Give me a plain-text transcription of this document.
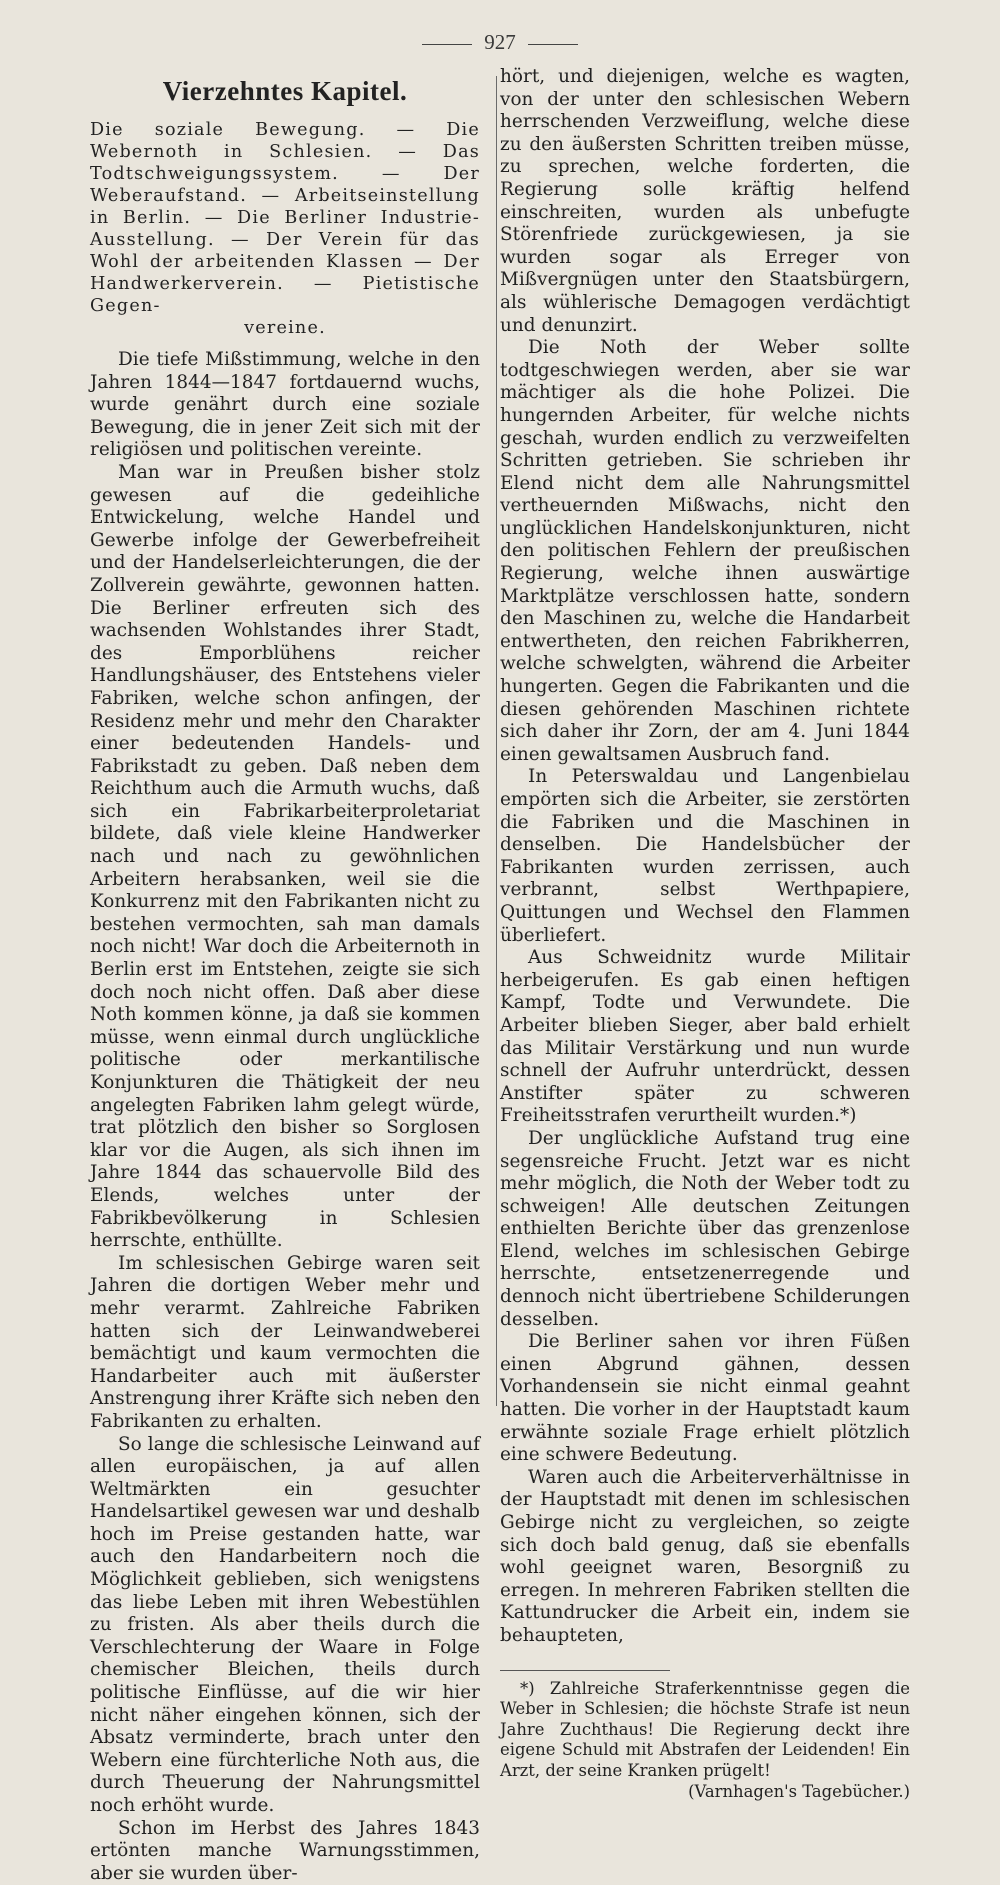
927
Vierzehntes Kapitel.
Die soziale Bewegung. — Die Webernoth in Schlesien. — Das Todtschweigungssystem. — Der Weberaufstand. — Arbeitseinstellung in Berlin. — Die Berliner Industrie-Ausstellung. — Der Verein für das Wohl der arbeitenden Klassen — Der Handwerkerverein. — Pietistische Gegen-
vereine.

Die tiefe Mißstimmung, welche in den Jahren 1844—1847 fortdauernd wuchs, wurde genährt durch eine soziale Bewegung, die in jener Zeit sich mit der religiösen und politischen vereinte.

Man war in Preußen bisher stolz gewesen auf die gedeihliche Entwickelung, welche Handel und Gewerbe infolge der Gewerbefreiheit und der Handelserleichterungen, die der Zollverein gewährte, gewonnen hatten. Die Berliner erfreuten sich des wachsenden Wohlstandes ihrer Stadt, des Emporblühens reicher Handlungshäuser, des Entstehens vieler Fabriken, welche schon anfingen, der Residenz mehr und mehr den Charakter einer bedeutenden Handels- und Fabrikstadt zu geben. Daß neben dem Reichthum auch die Armuth wuchs, daß sich ein Fabrikarbeiterproletariat bildete, daß viele kleine Handwerker nach und nach zu gewöhnlichen Arbeitern herabsanken, weil sie die Konkurrenz mit den Fabrikanten nicht zu bestehen vermochten, sah man damals noch nicht! War doch die Arbeiternoth in Berlin erst im Entstehen, zeigte sie sich doch noch nicht offen. Daß aber diese Noth kommen könne, ja daß sie kommen müsse, wenn einmal durch unglückliche politische oder merkantilische Konjunkturen die Thätigkeit der neu angelegten Fabriken lahm gelegt würde, trat plötzlich den bisher so Sorglosen klar vor die Augen, als sich ihnen im Jahre 1844 das schauervolle Bild des Elends, welches unter der Fabrikbevölkerung in Schlesien herrschte, enthüllte.

Im schlesischen Gebirge waren seit Jahren die dortigen Weber mehr und mehr verarmt. Zahlreiche Fabriken hatten sich der Leinwandweberei bemächtigt und kaum vermochten die Handarbeiter auch mit äußerster Anstrengung ihrer Kräfte sich neben den Fabrikanten zu erhalten.

So lange die schlesische Leinwand auf allen europäischen, ja auf allen Weltmärkten ein gesuchter Handelsartikel gewesen war und deshalb hoch im Preise gestanden hatte, war auch den Handarbeitern noch die Möglichkeit geblieben, sich wenigstens das liebe Leben mit ihren Webestühlen zu fristen. Als aber theils durch die Verschlechterung der Waare in Folge chemischer Bleichen, theils durch politische Einflüsse, auf die wir hier nicht näher eingehen können, sich der Absatz verminderte, brach unter den Webern eine fürchterliche Noth aus, die durch Theuerung der Nahrungsmittel noch erhöht wurde.

Schon im Herbst des Jahres 1843 ertönten manche Warnungsstimmen, aber sie wurden über-

hört, und diejenigen, welche es wagten, von der unter den schlesischen Webern herrschenden Verzweiflung, welche diese zu den äußersten Schritten treiben müsse, zu sprechen, welche forderten, die Regierung solle kräftig helfend einschreiten, wurden als unbefugte Störenfriede zurückgewiesen, ja sie wurden sogar als Erreger von Mißvergnügen unter den Staatsbürgern, als wühlerische Demagogen verdächtigt und denunzirt.

Die Noth der Weber sollte todtgeschwiegen werden, aber sie war mächtiger als die hohe Polizei. Die hungernden Arbeiter, für welche nichts geschah, wurden endlich zu verzweifelten Schritten getrieben. Sie schrieben ihr Elend nicht dem alle Nahrungsmittel vertheuernden Mißwachs, nicht den unglücklichen Handelskonjunkturen, nicht den politischen Fehlern der preußischen Regierung, welche ihnen auswärtige Marktplätze verschlossen hatte, sondern den Maschinen zu, welche die Handarbeit entwertheten, den reichen Fabrikherren, welche schwelgten, während die Arbeiter hungerten. Gegen die Fabrikanten und die diesen gehörenden Maschinen richtete sich daher ihr Zorn, der am 4. Juni 1844 einen gewaltsamen Ausbruch fand.

In Peterswaldau und Langenbielau empörten sich die Arbeiter, sie zerstörten die Fabriken und die Maschinen in denselben. Die Handelsbücher der Fabrikanten wurden zerrissen, auch verbrannt, selbst Werthpapiere, Quittungen und Wechsel den Flammen überliefert.

Aus Schweidnitz wurde Militair herbeigerufen. Es gab einen heftigen Kampf, Todte und Verwundete. Die Arbeiter blieben Sieger, aber bald erhielt das Militair Verstärkung und nun wurde schnell der Aufruhr unterdrückt, dessen Anstifter später zu schweren Freiheitsstrafen verurtheilt wurden.*)

Der unglückliche Aufstand trug eine segensreiche Frucht. Jetzt war es nicht mehr möglich, die Noth der Weber todt zu schweigen! Alle deutschen Zeitungen enthielten Berichte über das grenzenlose Elend, welches im schlesischen Gebirge herrschte, entsetzenerregende und dennoch nicht übertriebene Schilderungen desselben.

Die Berliner sahen vor ihren Füßen einen Abgrund gähnen, dessen Vorhandensein sie nicht einmal geahnt hatten. Die vorher in der Hauptstadt kaum erwähnte soziale Frage erhielt plötzlich eine schwere Bedeutung.

Waren auch die Arbeiterverhältnisse in der Hauptstadt mit denen im schlesischen Gebirge nicht zu vergleichen, so zeigte sich doch bald genug, daß sie ebenfalls wohl geeignet waren, Besorgniß zu erregen. In mehreren Fabriken stellten die Kattundrucker die Arbeit ein, indem sie behaupteten,

*) Zahlreiche Straferkenntnisse gegen die Weber in Schlesien; die höchste Strafe ist neun Jahre Zuchthaus! Die Regierung deckt ihre eigene Schuld mit Abstrafen der Leidenden! Ein Arzt, der seine Kranken prügelt!
(Varnhagen's Tagebücher.)
